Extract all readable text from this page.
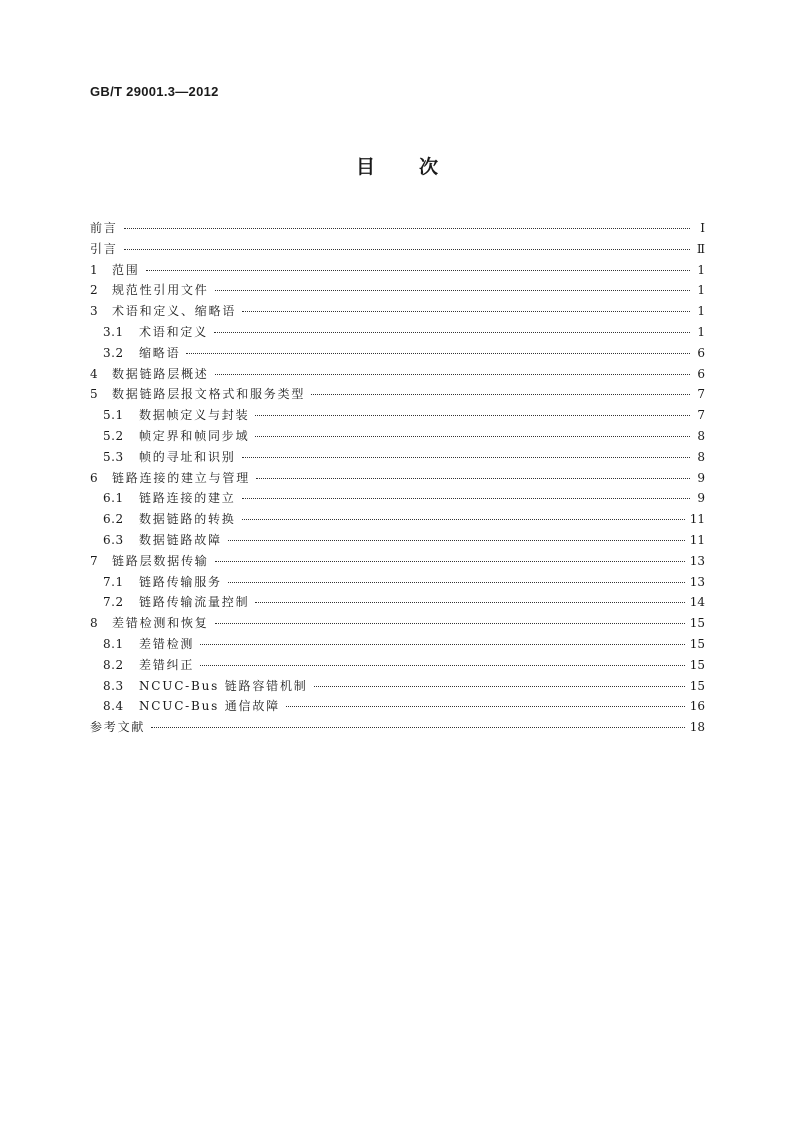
GB/T 29001.3—2012
目次
前言	Ⅰ
引言	Ⅱ
1	范围	1
2	规范性引用文件	1
3	术语和定义、缩略语	1
3.1	术语和定义	1
3.2	缩略语	6
4	数据链路层概述	6
5	数据链路层报文格式和服务类型	7
5.1	数据帧定义与封装	7
5.2	帧定界和帧同步域	8
5.3	帧的寻址和识别	8
6	链路连接的建立与管理	9
6.1	链路连接的建立	9
6.2	数据链路的转换	11
6.3	数据链路故障	11
7	链路层数据传输	13
7.1	链路传输服务	13
7.2	链路传输流量控制	14
8	差错检测和恢复	15
8.1	差错检测	15
8.2	差错纠正	15
8.3	NCUC-Bus 链路容错机制	15
8.4	NCUC-Bus 通信故障	16
参考文献	18
